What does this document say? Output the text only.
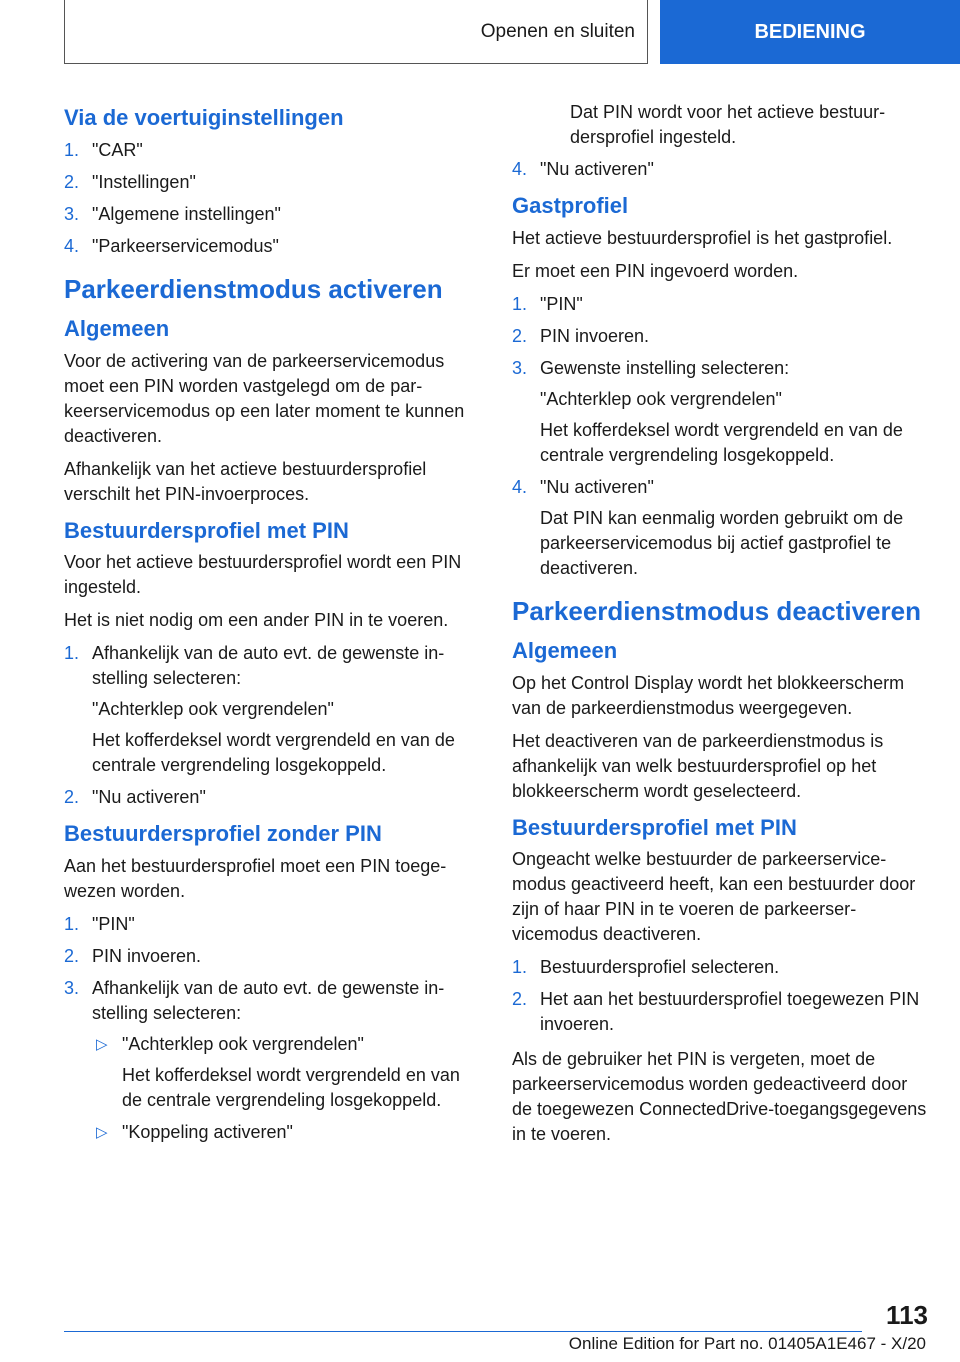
Openen en sluiten	BEDIENING
Via de voertuiginstellingen
1. "CAR"
2. "Instellingen"
3. "Algemene instellingen"
4. "Parkeerservicemodus"
Parkeerdienstmodus activeren
Algemeen

Voor de activering van de parkeerservicemodus moet een PIN worden vastgelegd om de parkeerservicemodus op een later moment te kunnen deactiveren.

Afhankelijk van het actieve bestuurdersprofiel verschilt het PIN-invoerproces.

Bestuurdersprofiel met PIN

Voor het actieve bestuurdersprofiel wordt een PIN ingesteld.

Het is niet nodig om een ander PIN in te voeren.

1. Afhankelijk van de auto evt. de gewenste instelling selecteren:
"Achterklep ook vergrendelen"
Het kofferdeksel wordt vergrendeld en van de centrale vergrendeling losgekoppeld.
2. "Nu activeren"
Bestuurdersprofiel zonder PIN

Aan het bestuurdersprofiel moet een PIN toegewezen worden.

1. "PIN"
2. PIN invoeren.
3. Afhankelijk van de auto evt. de gewenste instelling selecteren:
▷ "Achterklep ook vergrendelen"
Het kofferdeksel wordt vergrendeld en van de centrale vergrendeling losgekoppeld.
▷ "Koppeling activeren"
Dat PIN wordt voor het actieve bestuurdersprofiel ingesteld.
4. "Nu activeren"
Gastprofiel

Het actieve bestuurdersprofiel is het gastprofiel.

Er moet een PIN ingevoerd worden.

1. "PIN"
2. PIN invoeren.
3. Gewenste instelling selecteren:
"Achterklep ook vergrendelen"
Het kofferdeksel wordt vergrendeld en van de centrale vergrendeling losgekoppeld.
4. "Nu activeren"
Dat PIN kan eenmalig worden gebruikt om de parkeerservicemodus bij actief gastprofiel te deactiveren.
Parkeerdienstmodus deactiveren
Algemeen

Op het Control Display wordt het blokkeerscherm van de parkeerdienstmodus weergegeven.

Het deactiveren van de parkeerdienstmodus is afhankelijk van welk bestuurdersprofiel op het blokkeerscherm wordt geselecteerd.

Bestuurdersprofiel met PIN

Ongeacht welke bestuurder de parkeerservicemodus geactiveerd heeft, kan een bestuurder door zijn of haar PIN in te voeren de parkeerservicemodus deactiveren.

1. Bestuurdersprofiel selecteren.
2. Het aan het bestuurdersprofiel toegewezen PIN invoeren.

Als de gebruiker het PIN is vergeten, moet de parkeerservicemodus worden gedeactiveerd door de toegewezen ConnectedDrive-toegangsgegevens in te voeren.

113
Online Edition for Part no. 01405A1E467 - X/20
